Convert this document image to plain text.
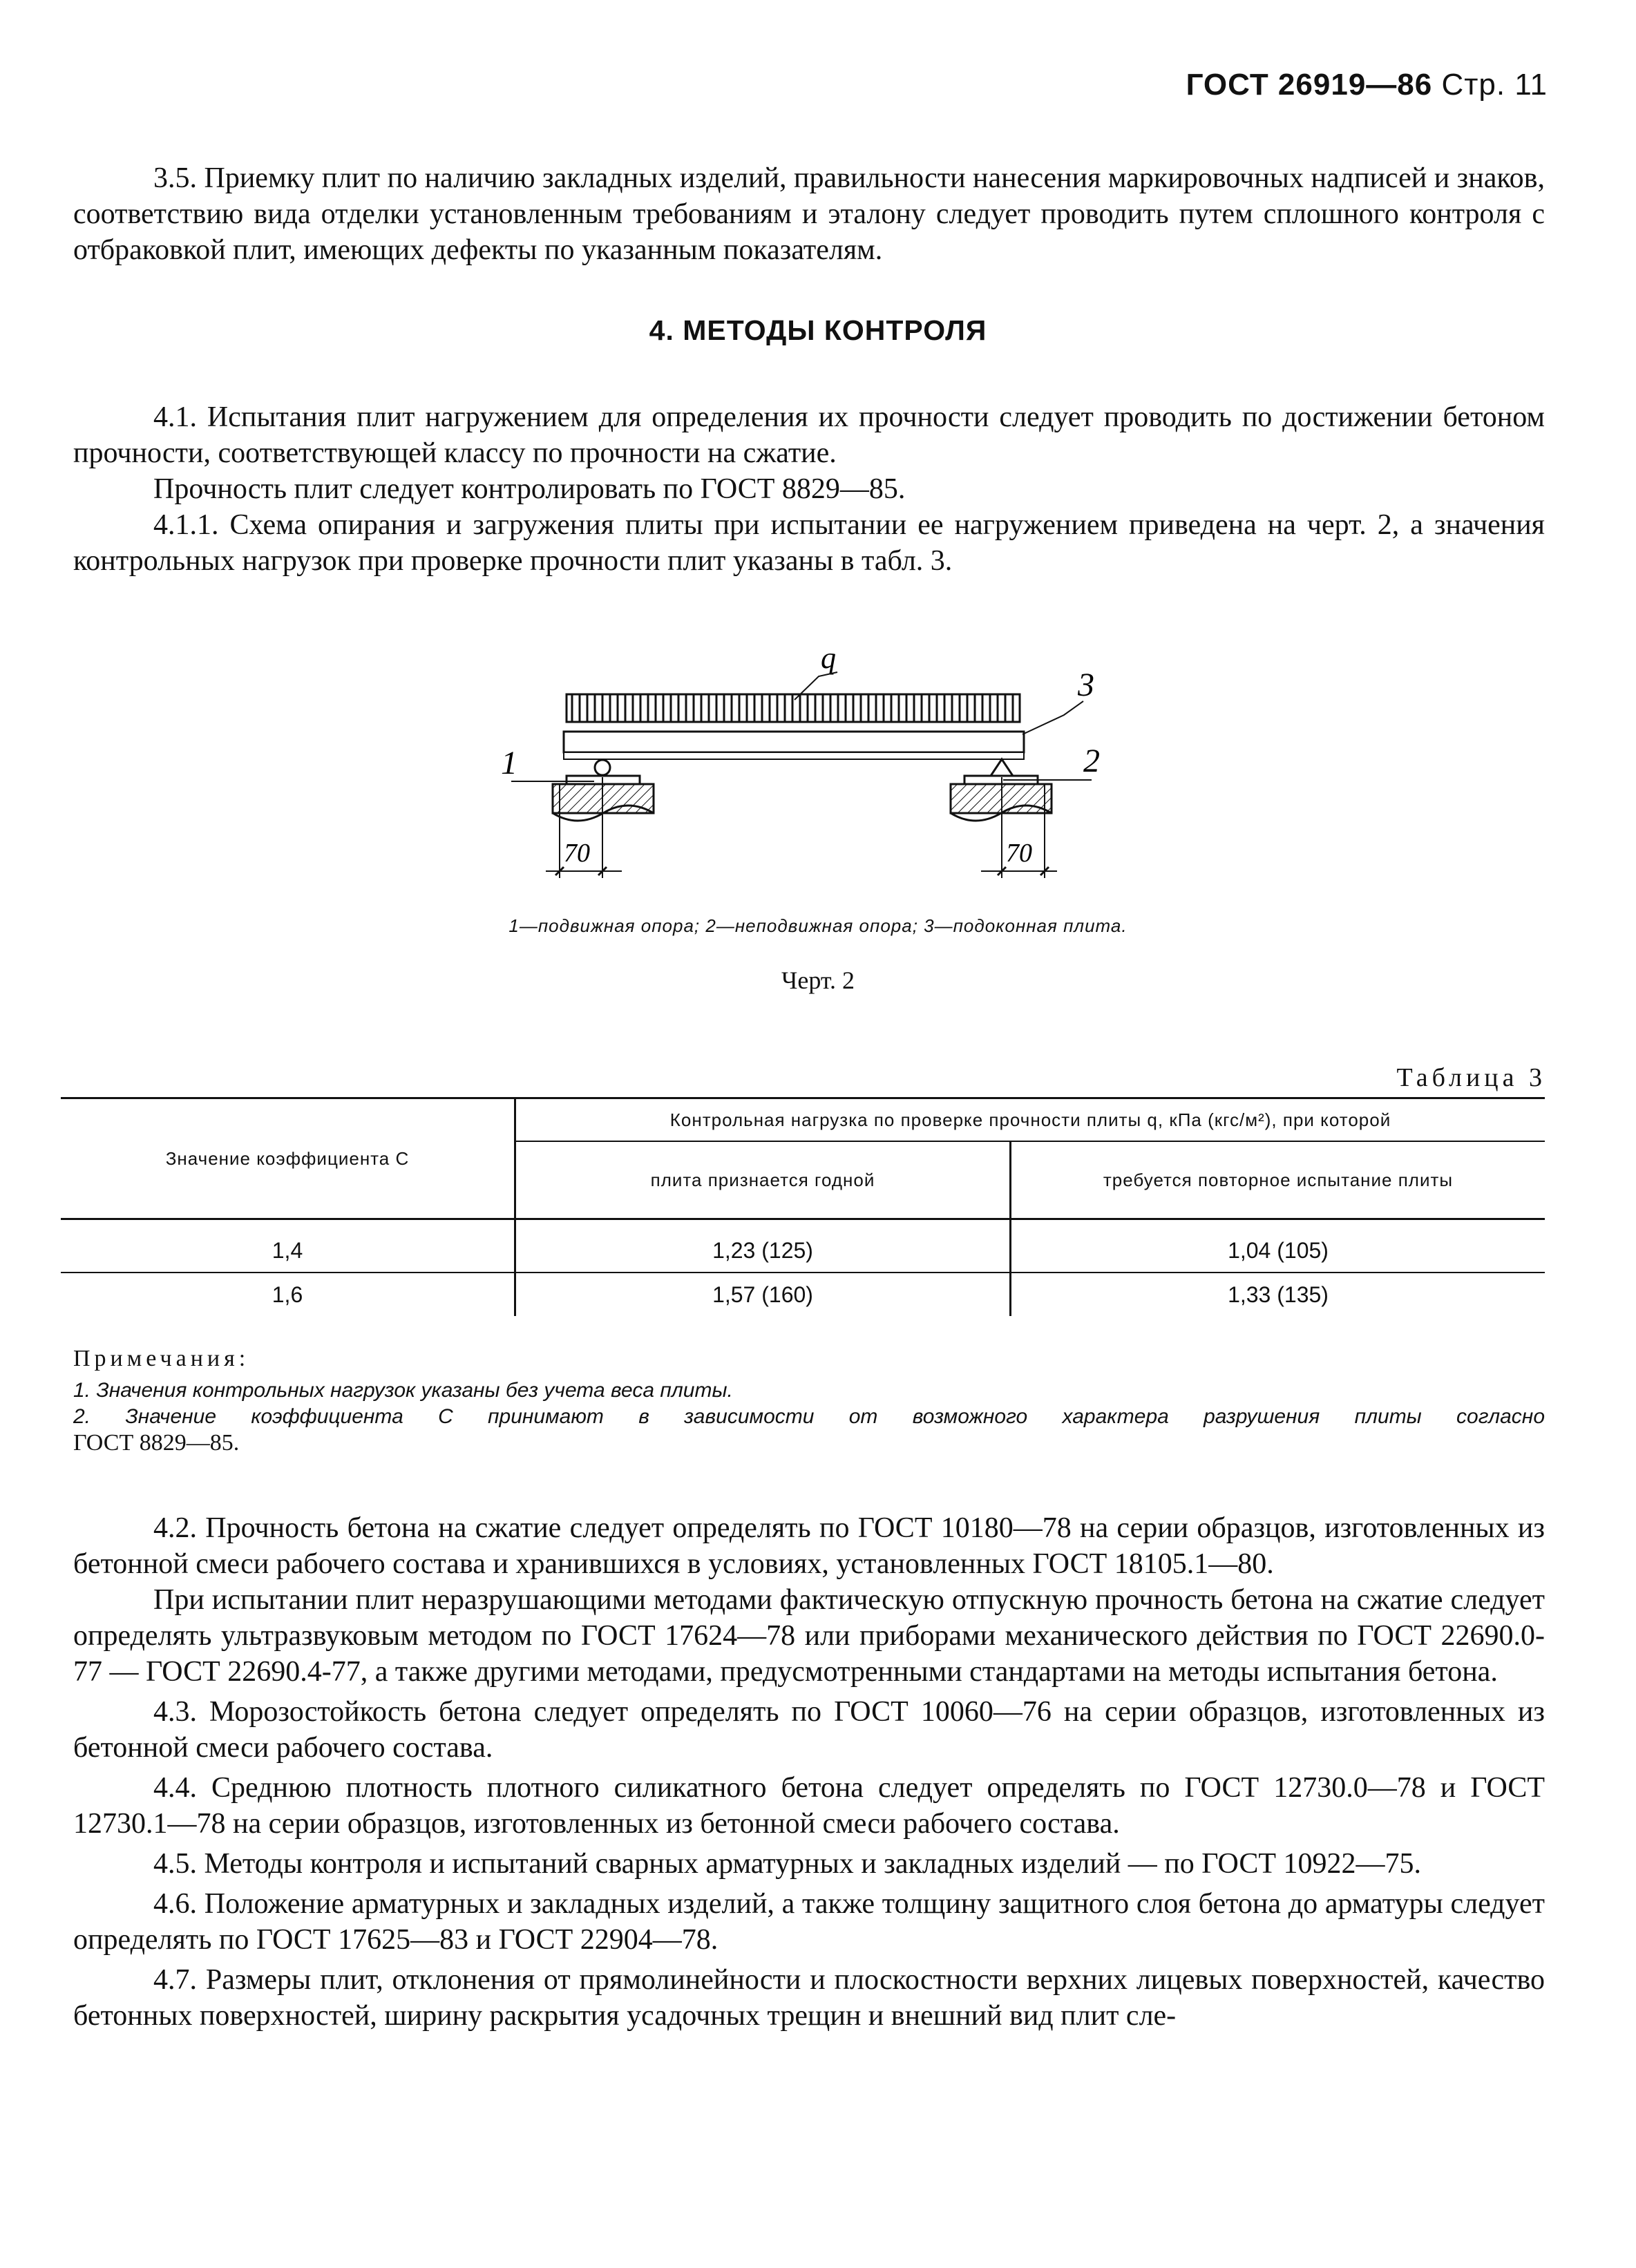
ГОСТ 26919—86 Стр. 11

3.5. Приемку плит по наличию закладных изделий, правильности нанесения маркировочных надписей и знаков, соответствию вида отделки установленным требованиям и эталону следует проводить путем сплошного контроля с отбраковкой плит, имеющих дефекты по указанным показателям.

4. МЕТОДЫ КОНТРОЛЯ

4.1. Испытания плит нагружением для определения их прочности следует проводить по достижении бетоном прочности, соответствующей классу по прочности на сжатие.

Прочность плит следует контролировать по ГОСТ 8829—85.

4.1.1. Схема опирания и загружения плиты при испытании ее нагружением приведена на черт. 2, а значения контрольных нагрузок при проверке прочности плит указаны в табл. 3.

q
3
1	2
70	70
1—подвижная опора; 2—неподвижная опора; 3—подоконная плита.
Черт. 2
Таблица 3
Значение коэффициента С	Контрольная нагрузка по проверке прочности плиты q, кПа (кгс/м²), при которой	
	плита признается годной	требуется повторное испытание плиты
1,4	1,23 (125)	1,04 (105)
1,6	1,57 (160)	1,33 (135)

Примечания:

1. Значения контрольных нагрузок указаны без учета веса плиты.

2. Значение коэффициента С принимают в зависимости от возможного характера разрушения плиты согласно

ГОСТ 8829—85.

4.2. Прочность бетона на сжатие следует определять по ГОСТ 10180—78 на серии образцов, изготовленных из бетонной смеси рабочего состава и хранившихся в условиях, установленных ГОСТ 18105.1—80.

При испытании плит неразрушающими методами фактическую отпускную прочность бетона на сжатие следует определять ультразвуковым методом по ГОСТ 17624—78 или приборами механического действия по ГОСТ 22690.0-77 — ГОСТ 22690.4-77, а также другими методами, предусмотренными стандартами на методы испытания бетона.

4.3. Морозостойкость бетона следует определять по ГОСТ 10060—76 на серии образцов, изготовленных из бетонной смеси рабочего состава.

4.4. Среднюю плотность плотного силикатного бетона следует определять по ГОСТ 12730.0—78 и ГОСТ 12730.1—78 на серии образцов, изготовленных из бетонной смеси рабочего состава.

4.5. Методы контроля и испытаний сварных арматурных и закладных изделий — по ГОСТ 10922—75.

4.6. Положение арматурных и закладных изделий, а также толщину защитного слоя бетона до арматуры следует определять по ГОСТ 17625—83 и ГОСТ 22904—78.

4.7. Размеры плит, отклонения от прямолинейности и плоскостности верхних лицевых поверхностей, качество бетонных поверхностей, ширину раскрытия усадочных трещин и внешний вид плит сле-
